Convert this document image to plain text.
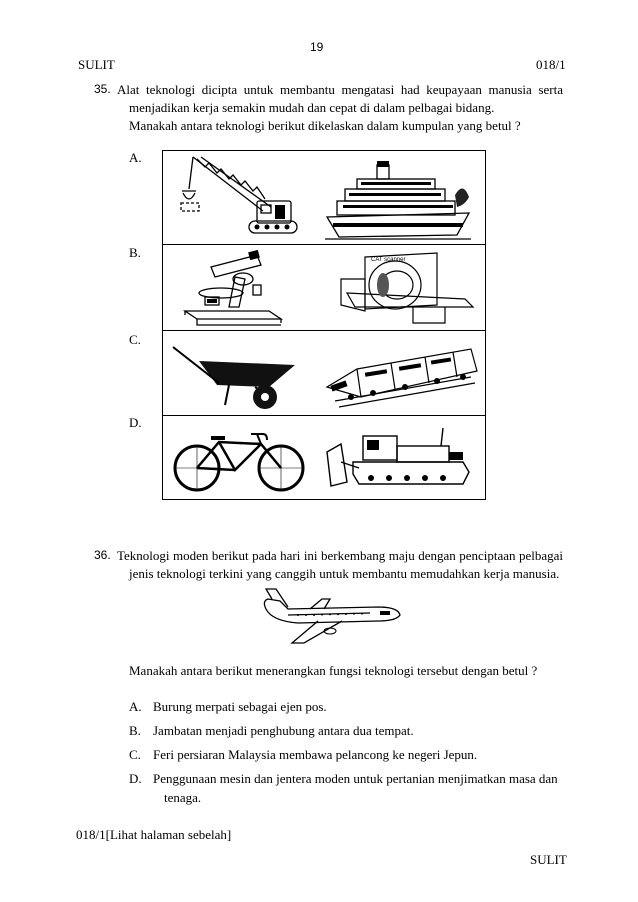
19
SULIT	018/1
35. Alat teknologi dicipta untuk membantu mengatasi had keupayaan manusia serta
menjadikan kerja semakin mudah dan cepat di dalam pelbagai bidang.
Manakah antara teknologi berikut dikelaskan dalam kumpulan yang betul ?
A.
B.
C.
D.
CAT scanner
36. Teknologi moden berikut pada hari ini berkembang maju dengan penciptaan pelbagai
jenis teknologi terkini yang canggih untuk membantu memudahkan kerja manusia.
Manakah antara berikut menerangkan fungsi teknologi tersebut dengan betul ?
A. Burung merpati sebagai ejen pos.
B. Jambatan menjadi penghubung antara dua tempat.
C. Feri persiaran Malaysia membawa pelancong ke negeri Jepun.
D. Penggunaan mesin dan jentera moden untuk pertanian menjimatkan masa dan
tenaga.
018/1[Lihat halaman sebelah]
SULIT
